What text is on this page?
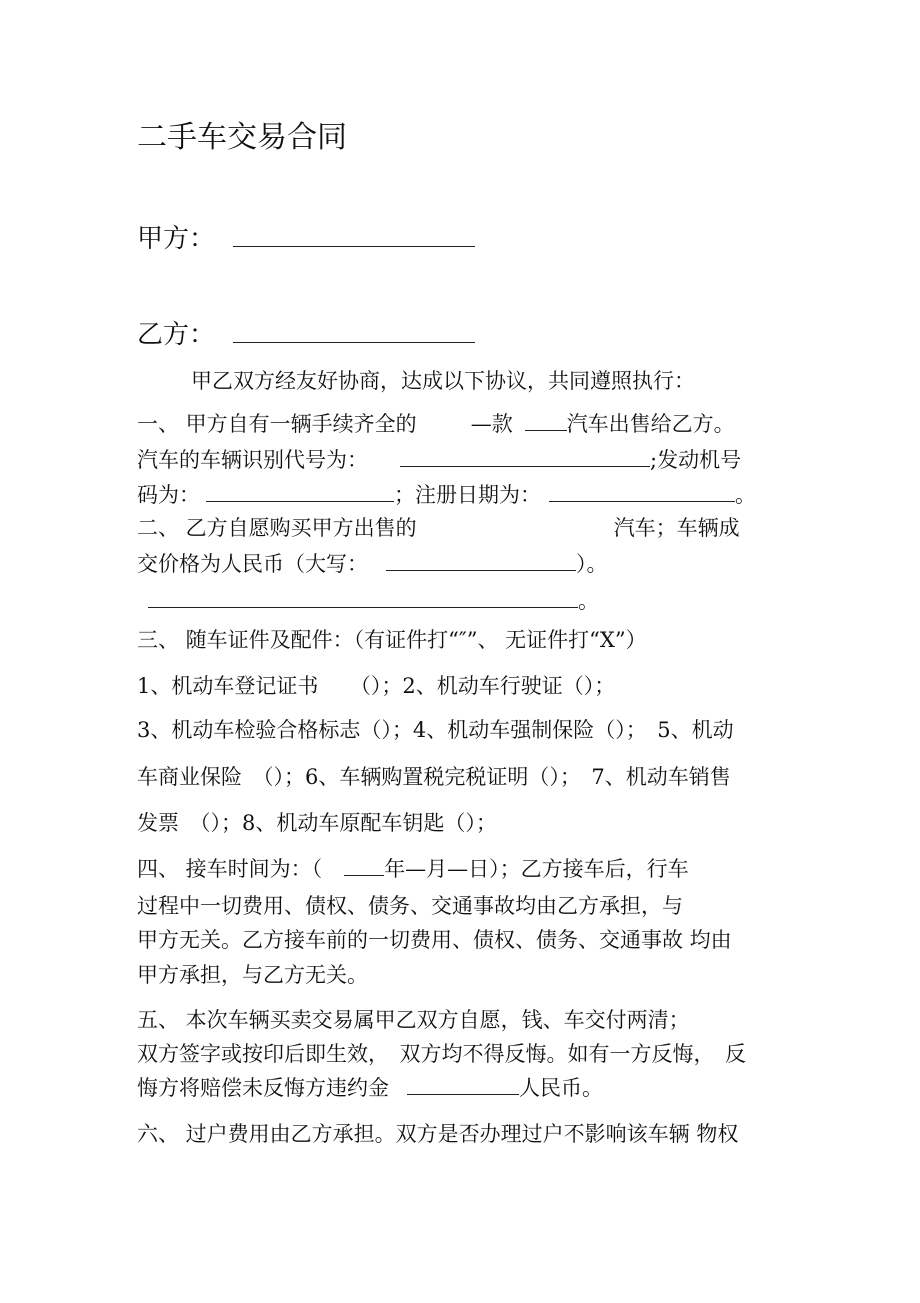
二手车交易合同
甲方：
乙方：
甲乙双方经友好协商，达成以下协议，共同遵照执行：
一、 甲方自有一辆手续齐全的	—款	汽车出售给乙方。
汽车的车辆识别代号为：	;发动机号
码为：	；注册日期为：	。
二、 乙方自愿购买甲方出售的	汽车；车辆成
交价格为人民币（大写：	）。
。
三、 随车证件及配件：（有证件打“″”、 无证件打“X”）
1、机动车登记证书　　（）；2、机动车行驶证（）；
3、机动车检验合格标志（）；4、机动车强制保险（）；　5、机动
车商业保险　（）；6、车辆购置税完税证明（）；　7、机动车销售
发票　（）；8、机动车原配车钥匙（）；
四、 接车时间为：（	年—月—日）；乙方接车后，行车
过程中一切费用、债权、债务、交通事故均由乙方承担，与
甲方无关。乙方接车前的一切费用、债权、债务、交通事故 均由
甲方承担，与乙方无关。
五、 本次车辆买卖交易属甲乙双方自愿，钱、车交付两清；
双方签字或按印后即生效，　双方均不得反悔。如有一方反悔，　反
悔方将赔偿未反悔方违约金	人民币。
六、 过户费用由乙方承担。双方是否办理过户不影响该车辆 物权
